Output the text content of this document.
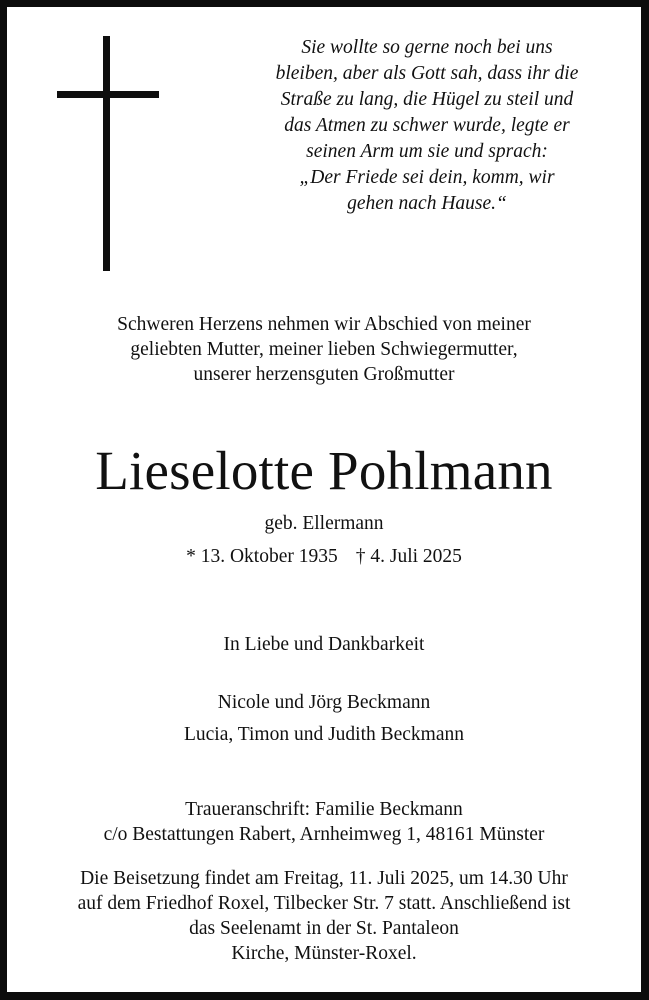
Sie wollte so gerne noch bei uns
bleiben, aber als Gott sah, dass ihr die
Straße zu lang, die Hügel zu steil und
das Atmen zu schwer wurde, legte er
seinen Arm um sie und sprach:
„Der Friede sei dein, komm, wir
gehen nach Hause.“
Schweren Herzens nehmen wir Abschied von meiner
geliebten Mutter, meiner lieben Schwiegermutter,
unserer herzensguten Großmutter
Lieselotte Pohlmann
geb. Ellermann
* 13. Oktober 1935 † 4. Juli 2025
In Liebe und Dankbarkeit
Nicole und Jörg Beckmann
Lucia, Timon und Judith Beckmann
Traueranschrift: Familie Beckmann
c/o Bestattungen Rabert, Arnheimweg 1, 48161 Münster
Die Beisetzung findet am Freitag, 11. Juli 2025, um 14.30 Uhr
auf dem Friedhof Roxel, Tilbecker Str. 7 statt. Anschließend ist
das Seelenamt in der St. Pantaleon
Kirche, Münster-Roxel.
